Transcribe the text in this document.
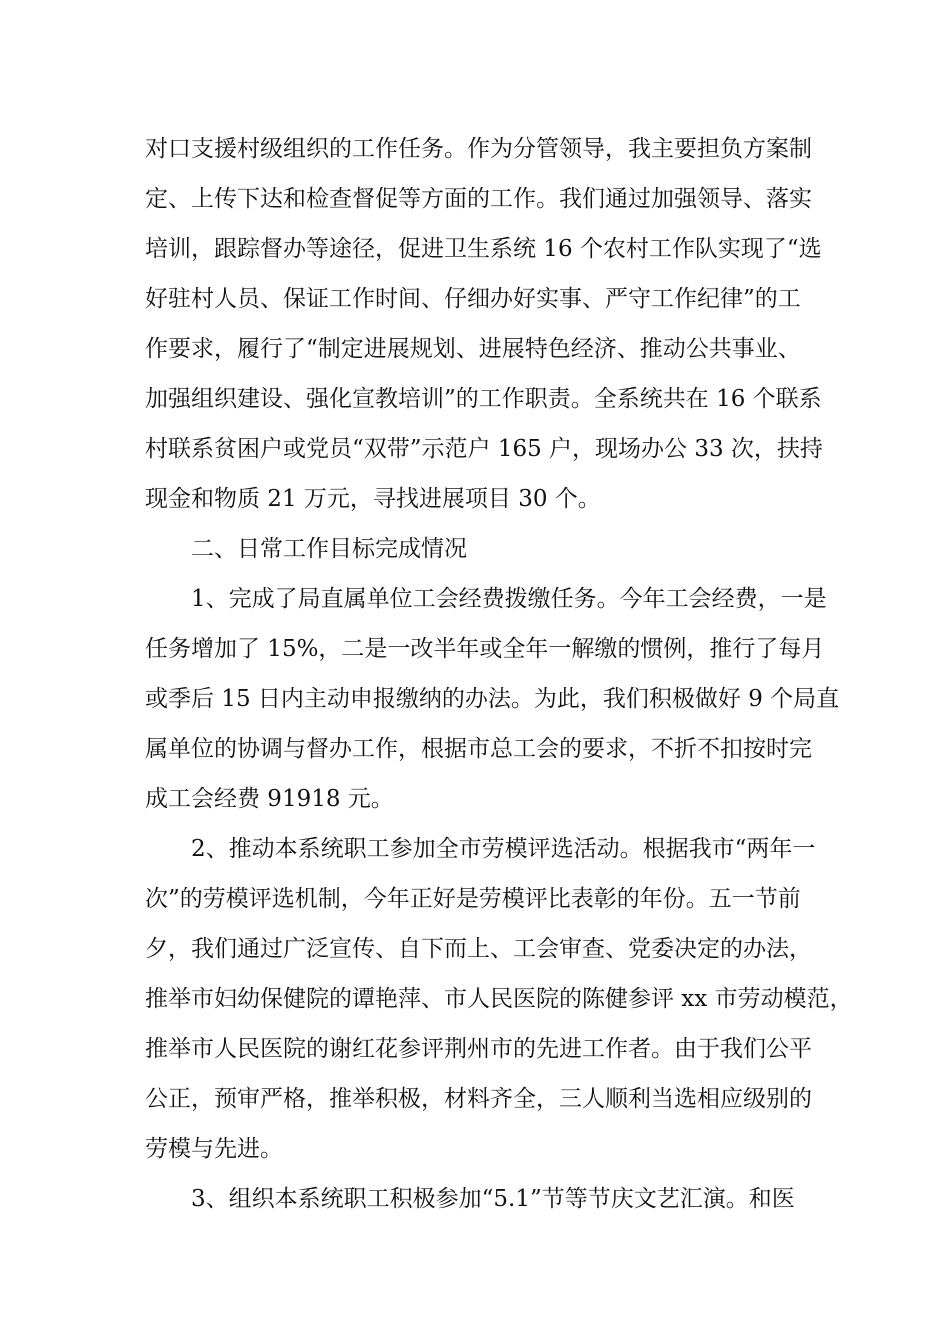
对口支援村级组织的工作任务。作为分管领导，我主要担负方案制
定、上传下达和检查督促等方面的工作。我们通过加强领导、落实
培训，跟踪督办等途径，促进卫生系统 16 个农村工作队实现了“选
好驻村人员、保证工作时间、仔细办好实事、严守工作纪律”的工
作要求，履行了“制定进展规划、进展特色经济、推动公共事业、
加强组织建设、强化宣教培训”的工作职责。全系统共在 16 个联系
村联系贫困户或党员“双带”示范户 165 户，现场办公 33 次，扶持
现金和物质 21 万元，寻找进展项目 30 个。
二、日常工作目标完成情况
1、完成了局直属单位工会经费拨缴任务。今年工会经费，一是
任务增加了 15%，二是一改半年或全年一解缴的惯例，推行了每月
或季后 15 日内主动申报缴纳的办法。为此，我们积极做好 9 个局直
属单位的协调与督办工作，根据市总工会的要求，不折不扣按时完
成工会经费 91918 元。
2、推动本系统职工参加全市劳模评选活动。根据我市“两年一
次”的劳模评选机制，今年正好是劳模评比表彰的年份。五一节前
夕，我们通过广泛宣传、自下而上、工会审查、党委决定的办法，
推举市妇幼保健院的谭艳萍、市人民医院的陈健参评 xx 市劳动模范，
推举市人民医院的谢红花参评荆州市的先进工作者。由于我们公平
公正，预审严格，推举积极，材料齐全，三人顺利当选相应级别的
劳模与先进。
3、组织本系统职工积极参加“5.1”节等节庆文艺汇演。和医
